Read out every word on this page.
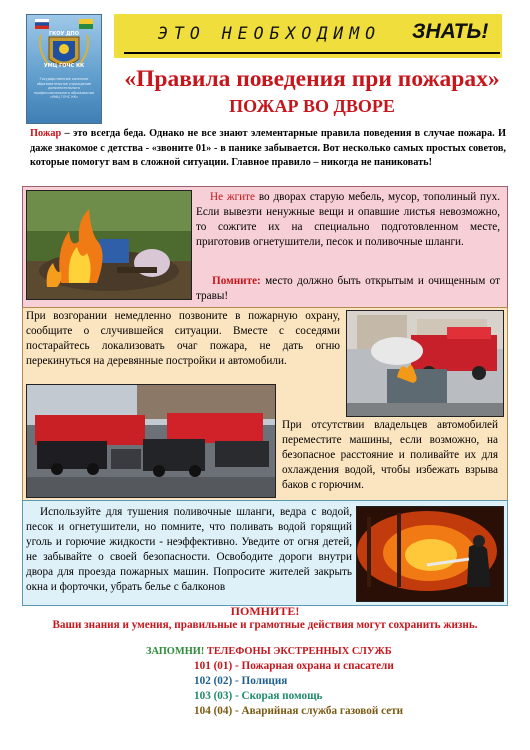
ГКОУ ДПО
УМЦ ГОЧС КК
Государственное казенное образовательное учреждение дополнительного профессионального образования «УМЦ ГОЧС КК»
ЭТО НЕОБХОДИМО ЗНАТЬ!
«Правила поведения при пожарах»
ПОЖАР ВО ДВОРЕ
Пожар – это всегда беда. Однако не все знают элементарные правила поведения в случае пожара. И даже знакомое с детства - «звоните 01» - в панике забывается. Вот несколько самых простых советов, которые помогут вам в сложной ситуации. Главное правило – никогда не паниковать!
Не жгите во дворах старую мебель, мусор, тополиный пух. Если вывезти ненужные вещи и опавшие листья невозможно, то сожгите их на специально подготовленном месте, приготовив огнетушители, песок и поливочные шланги.
Помните: место должно быть открытым и очищенным от травы!
При возгорании немедленно позвоните в пожарную охрану, сообщите о случившейся ситуации. Вместе с соседями постарайтесь локализовать очаг пожара, не дать огню перекинуться на деревянные постройки и автомобили.
При отсутствии владельцев автомобилей переместите машины, если возможно, на безопасное расстояние и поливайте их для охлаждения водой, чтобы избежать взрыва баков с горючим.
Используйте для тушения поливочные шланги, ведра с водой, песок и огнетушители, но помните, что поливать водой горящий уголь и горючие жидкости - неэффективно. Уведите от огня детей, не забывайте о своей безопасности. Освободите дороги внутри двора для проезда пожарных машин. Попросите жителей закрыть окна и форточки, убрать белье с балконов
ПОМНИТЕ!
Ваши знания и умения, правильные и грамотные действия могут сохранить жизнь.
ЗАПОМНИ! ТЕЛЕФОНЫ ЭКСТРЕННЫХ СЛУЖБ
101 (01) - Пожарная охрана и спасатели
102 (02) - Полиция
103 (03) - Скорая помощь
104 (04) - Аварийная служба газовой сети
